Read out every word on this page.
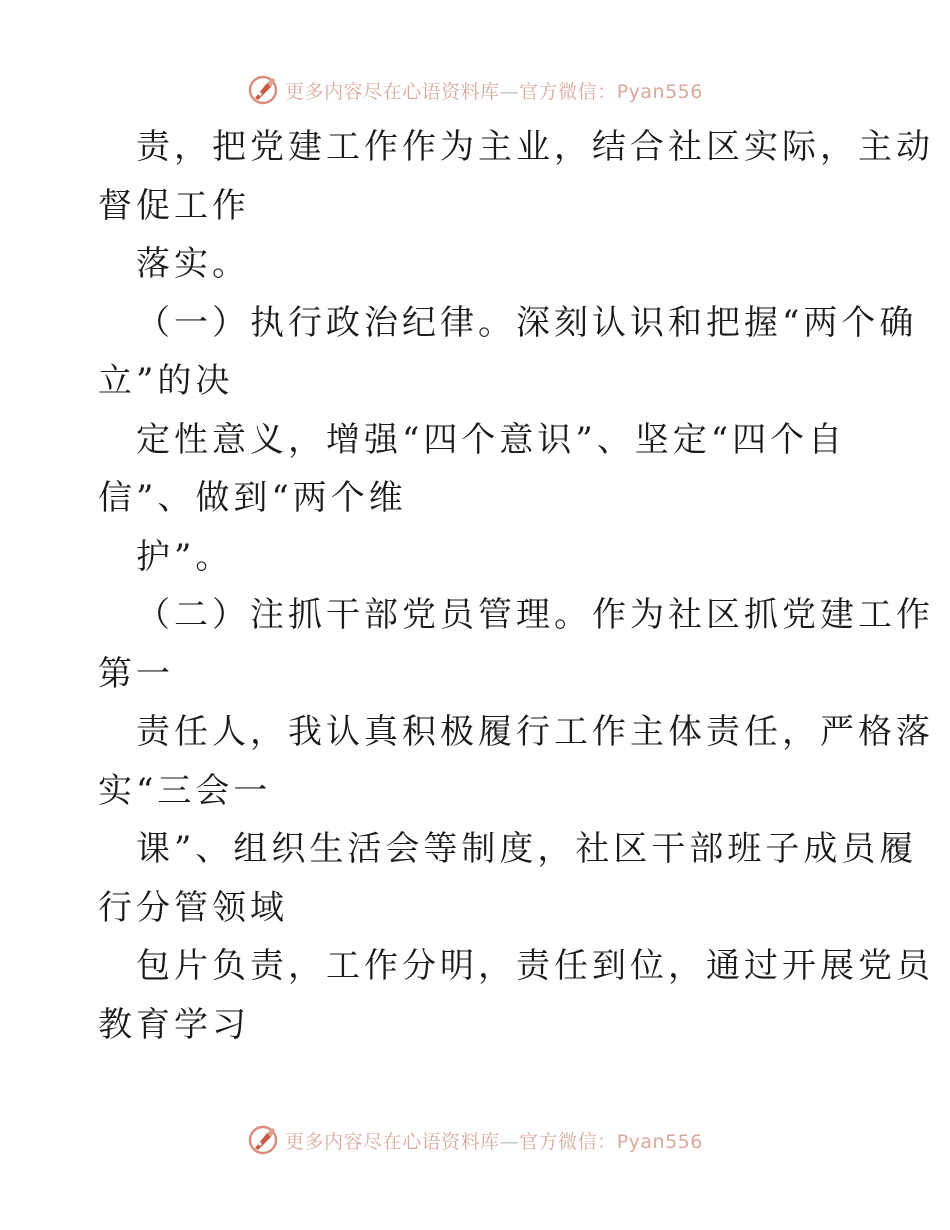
更多内容尽在心语资料库—官方微信：Pyan556
责，把党建工作作为主业，结合社区实际，主动
督促工作
落实。
（一）执行政治纪律。深刻认识和把握“两个确
立”的决
定性意义，增强“四个意识”、坚定“四个自
信”、做到“两个维
护”。
（二）注抓干部党员管理。作为社区抓党建工作
第一
责任人，我认真积极履行工作主体责任，严格落
实“三会一
课”、组织生活会等制度，社区干部班子成员履
行分管领域
包片负责，工作分明，责任到位，通过开展党员
教育学习
更多内容尽在心语资料库—官方微信：Pyan556
